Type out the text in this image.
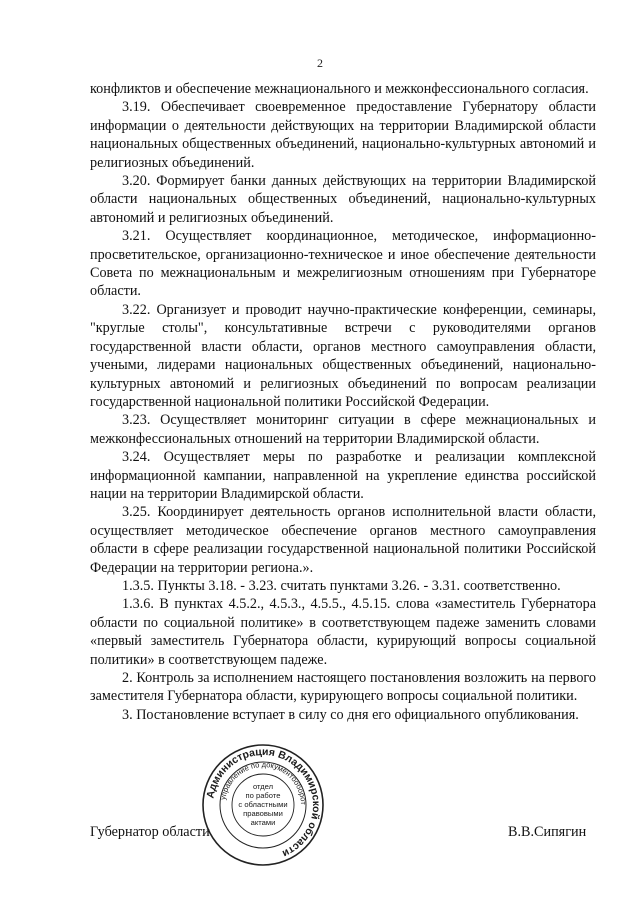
2

конфликтов и обеспечение межнационального и межконфессионального согласия.

3.19. Обеспечивает своевременное предоставление Губернатору области информации о деятельности действующих на территории Владимирской области национальных общественных объединений, национально-культурных автономий и религиозных объединений.

3.20. Формирует банки данных действующих на территории Владимирской области национальных общественных объединений, национально-культурных автономий и религиозных объединений.

3.21. Осуществляет координационное, методическое, информационно-просветительское, организационно-техническое и иное обеспечение деятельности Совета по межнациональным и межрелигиозным отношениям при Губернаторе области.

3.22. Организует и проводит научно-практические конференции, семинары, "круглые столы", консультативные встречи с руководителями органов государственной власти области, органов местного самоуправления области, учеными, лидерами национальных общественных объединений, национально-культурных автономий и религиозных объединений по вопросам реализации государственной национальной политики Российской Федерации.

3.23. Осуществляет мониторинг ситуации в сфере межнациональных и межконфессиональных отношений на территории Владимирской области.

3.24. Осуществляет меры по разработке и реализации комплексной информационной кампании, направленной на укрепление единства российской нации на территории Владимирской области.

3.25. Координирует деятельность органов исполнительной власти области, осуществляет методическое обеспечение органов местного самоуправления области в сфере реализации государственной национальной политики Российской Федерации на территории региона.».

1.3.5. Пункты 3.18. - 3.23. считать пунктами 3.26. - 3.31. соответственно.

1.3.6. В пунктах 4.5.2., 4.5.3., 4.5.5., 4.5.15. слова «заместитель Губернатора области по социальной политике» в соответствующем падеже заменить словами «первый заместитель Губернатора области, курирующий вопросы социальной политики» в соответствующем падеже.

2. Контроль за исполнением настоящего постановления возложить на первого заместителя Губернатора области, курирующего вопросы социальной политики.

3. Постановление вступает в силу со дня его официального опубликования.

Губернатор области	В.В.Сипягин
Администрация Владимирской области
управление по документооборот
отдел
по работе
с областными
правовыми
актами
